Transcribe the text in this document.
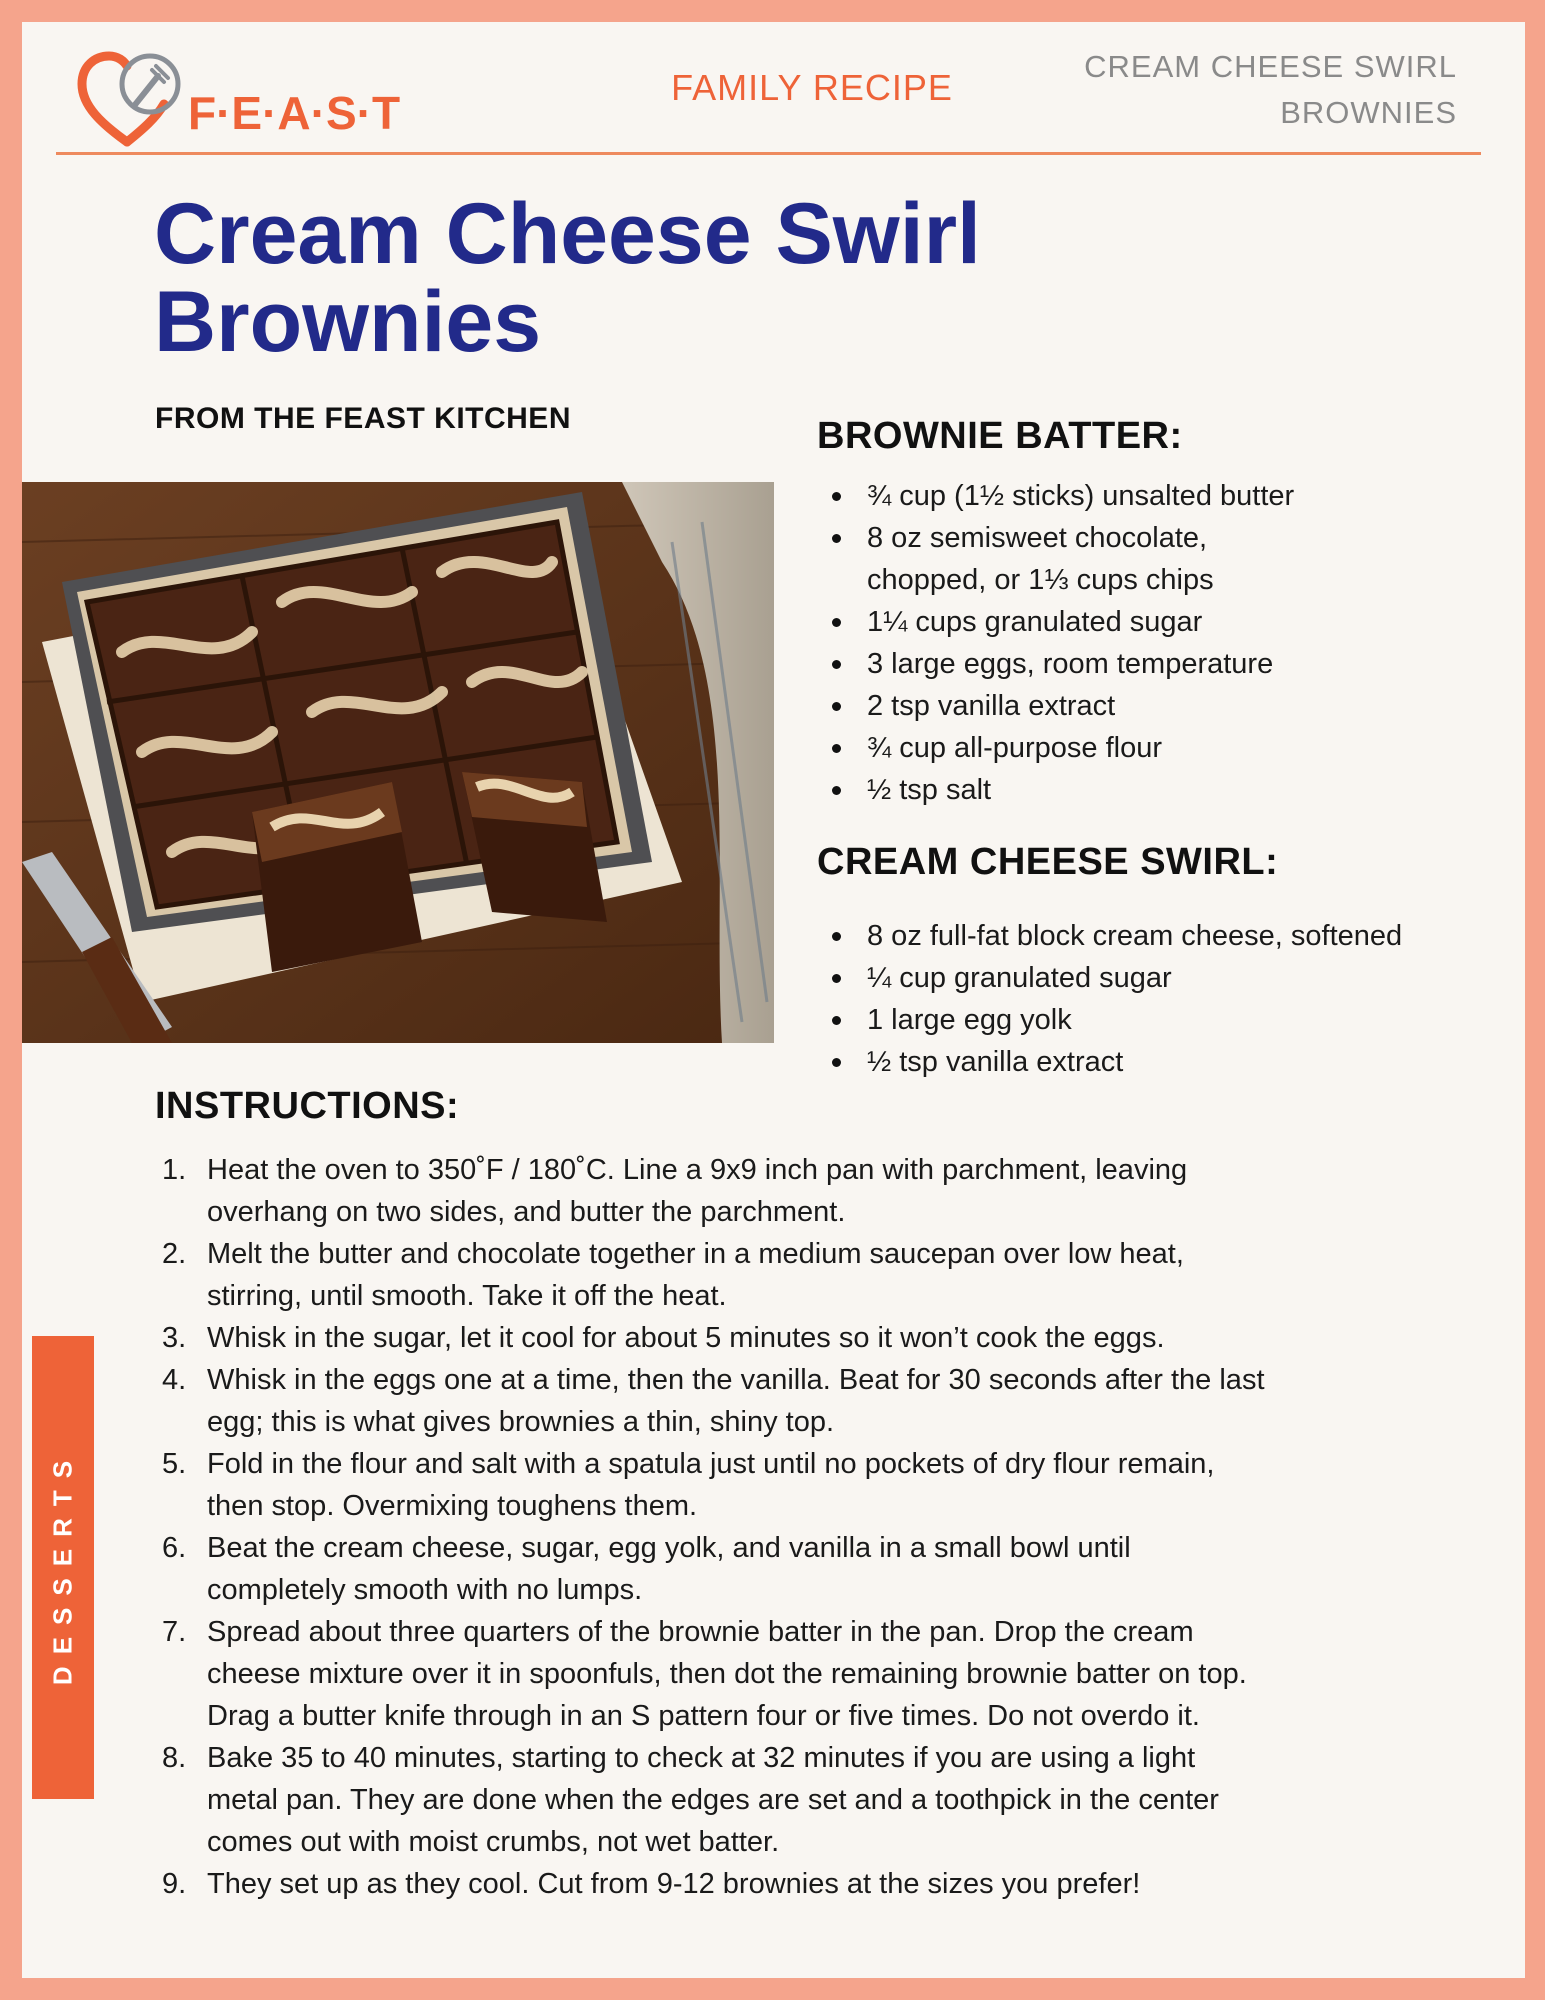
F·E·A·S·T	FAMILY RECIPE
CREAM CHEESE SWIRL
BROWNIES
Cream Cheese Swirl
Brownies
FROM THE FEAST KITCHEN	BROWNIE BATTER:
¾ cup (1½ sticks) unsalted butter
8 oz semisweet chocolate,
chopped, or 1⅓ cups chips
1¼ cups granulated sugar
3 large eggs, room temperature
2 tsp vanilla extract
¾ cup all-purpose flour
½ tsp salt
CREAM CHEESE SWIRL:
8 oz full-fat block cream cheese, softened
¼ cup granulated sugar
1 large egg yolk
½ tsp vanilla extract
INSTRUCTIONS:
1. Heat the oven to 350˚F / 180˚C. Line a 9x9 inch pan with parchment, leaving
overhang on two sides, and butter the parchment.
2. Melt the butter and chocolate together in a medium saucepan over low heat,
stirring, until smooth. Take it off the heat.
3. Whisk in the sugar, let it cool for about 5 minutes so it won’t cook the eggs.
4. Whisk in the eggs one at a time, then the vanilla. Beat for 30 seconds after the last
egg; this is what gives brownies a thin, shiny top.
5. Fold in the flour and salt with a spatula just until no pockets of dry flour remain,
then stop. Overmixing toughens them.
6. Beat the cream cheese, sugar, egg yolk, and vanilla in a small bowl until
completely smooth with no lumps.
7. Spread about three quarters of the brownie batter in the pan. Drop the cream
cheese mixture over it in spoonfuls, then dot the remaining brownie batter on top.
Drag a butter knife through in an S pattern four or five times. Do not overdo it.
8. Bake 35 to 40 minutes, starting to check at 32 minutes if you are using a light
metal pan. They are done when the edges are set and a toothpick in the center
comes out with moist crumbs, not wet batter.
9. They set up as they cool. Cut from 9-12 brownies at the sizes you prefer!
DESSERTS
